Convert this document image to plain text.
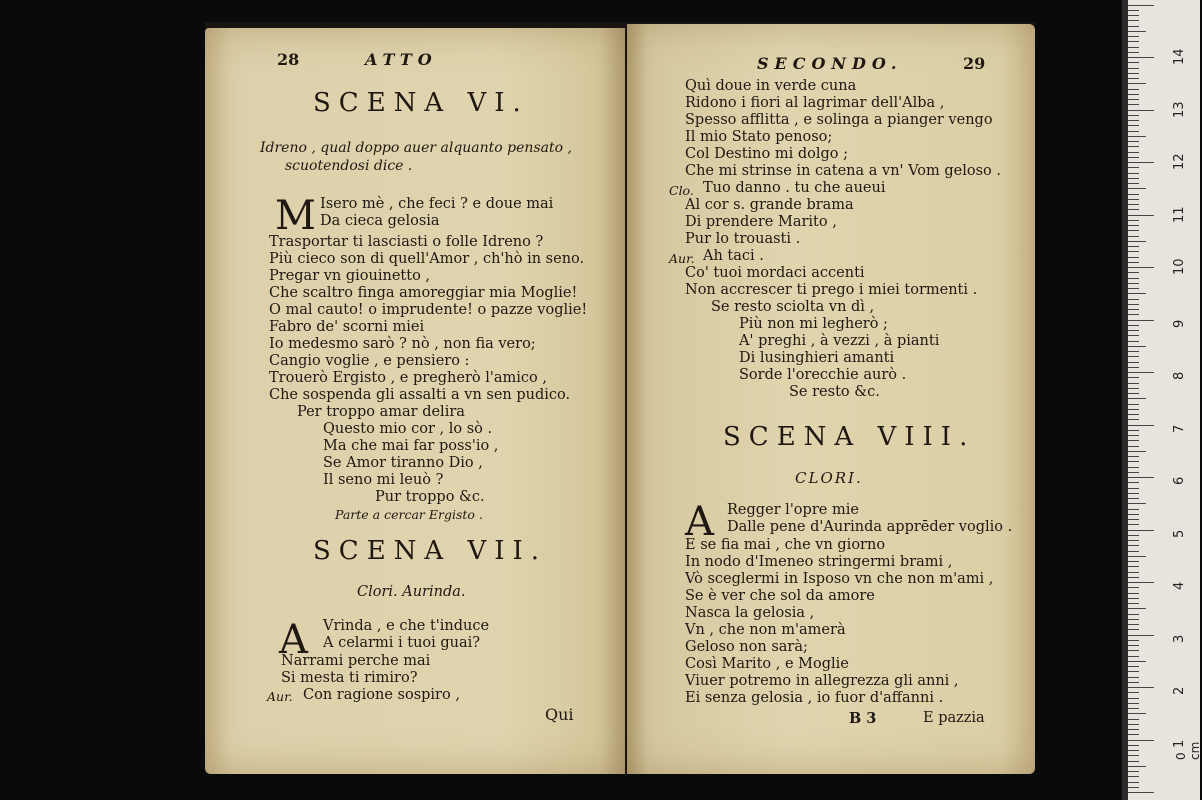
28	ATTO
SCENA VI.
Idreno , qual doppo auer alquanto pensato ,
scuotendosi dice .
M Isero mè , che feci ? e doue mai
Da cieca gelosia
Trasportar ti lasciasti o folle Idreno ?
Più cieco son di quell'Amor , ch'hò in seno.
Pregar vn giouinetto ,
Che scaltro finga amoreggiar mia Moglie!
O mal cauto! o imprudente! o pazze voglie!
Fabro de' scorni miei
Io medesmo sarò ? nò , non fia vero;
Cangio voglie , e pensiero :
Trouerò Ergisto , e pregherò l'amico ,
Che sospenda gli assalti a vn sen pudico.
Per troppo amar delira
Questo mio cor , lo sò .
Ma che mai far poss'io ,
Se Amor tiranno Dio ,
Il seno mi leuò ?
Pur troppo &c.
Parte a cercar Ergisto .
SCENA VII.
Clori. Aurinda.
A Vrinda , e che t'induce
A celarmi i tuoi guai?
Narrami perche mai
Si mesta ti rimiro?
Aur. Con ragione sospiro ,
Qui
SECONDO.	29
Quì doue in verde cuna
Ridono i fiori al lagrimar dell'Alba ,
Spesso afflitta , e solinga a pianger vengo
Il mio Stato penoso;
Col Destino mi dolgo ;
Che mi strinse in catena a vn' Vom geloso .
Clo. Tuo danno . tu che aueui
Al cor s. grande brama
Di prendere Marito ,
Pur lo trouasti .
Aur. Ah taci .
Co' tuoi mordaci accenti
Non accrescer ti prego i miei tormenti .
Se resto sciolta vn dì ,
Più non mi legherò ;
A' preghi , à vezzi , à pianti
Di lusinghieri amanti
Sorde l'orecchie aurò .
Se resto &c.
SCENA VIII.
CLORI.
A Regger l'opre mie
Dalle pene d'Aurinda apprēder voglio .
E se fia mai , che vn giorno
In nodo d'Imeneo stringermi brami ,
Vò sceglermi in Isposo vn che non m'ami ,
Se è ver che sol da amore
Nasca la gelosia ,
Vn , che non m'amerà
Geloso non sarà;
Così Marito , e Moglie
Viuer potremo in allegrezza gli anni ,
Ei senza gelosia , io fuor d'affanni .
B 3	E pazzia
14
13
12
11
10
9
8
7
6
5
4
3
2
1
0 cm
